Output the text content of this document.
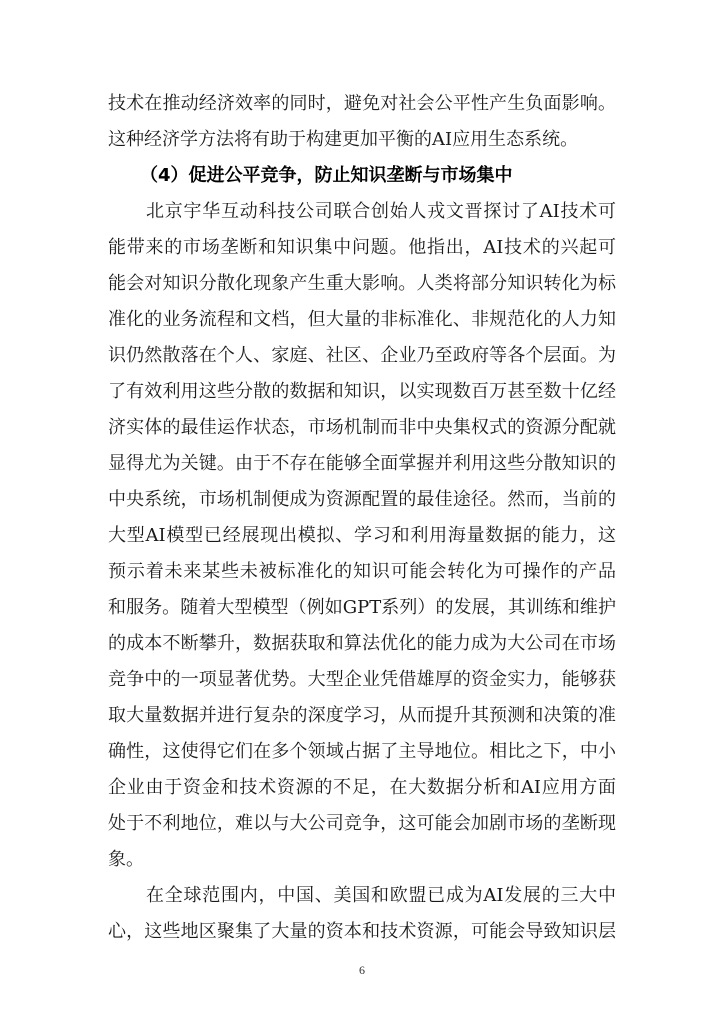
技术在推动经济效率的同时，避免对社会公平性产生负面影响。
这种经济学方法将有助于构建更加平衡的AI应用生态系统。
（4）促进公平竞争，防止知识垄断与市场集中
北京宇华互动科技公司联合创始人戎文晋探讨了AI技术可
能带来的市场垄断和知识集中问题。他指出，AI技术的兴起可
能会对知识分散化现象产生重大影响。人类将部分知识转化为标
准化的业务流程和文档，但大量的非标准化、非规范化的人力知
识仍然散落在个人、家庭、社区、企业乃至政府等各个层面。为
了有效利用这些分散的数据和知识，以实现数百万甚至数十亿经
济实体的最佳运作状态，市场机制而非中央集权式的资源分配就
显得尤为关键。由于不存在能够全面掌握并利用这些分散知识的
中央系统，市场机制便成为资源配置的最佳途径。然而，当前的
大型AI模型已经展现出模拟、学习和利用海量数据的能力，这
预示着未来某些未被标准化的知识可能会转化为可操作的产品
和服务。随着大型模型（例如GPT系列）的发展，其训练和维护
的成本不断攀升，数据获取和算法优化的能力成为大公司在市场
竞争中的一项显著优势。大型企业凭借雄厚的资金实力，能够获
取大量数据并进行复杂的深度学习，从而提升其预测和决策的准
确性，这使得它们在多个领域占据了主导地位。相比之下，中小
企业由于资金和技术资源的不足，在大数据分析和AI应用方面
处于不利地位，难以与大公司竞争，这可能会加剧市场的垄断现
象。
在全球范围内，中国、美国和欧盟已成为AI发展的三大中
心，这些地区聚集了大量的资本和技术资源，可能会导致知识层
6
